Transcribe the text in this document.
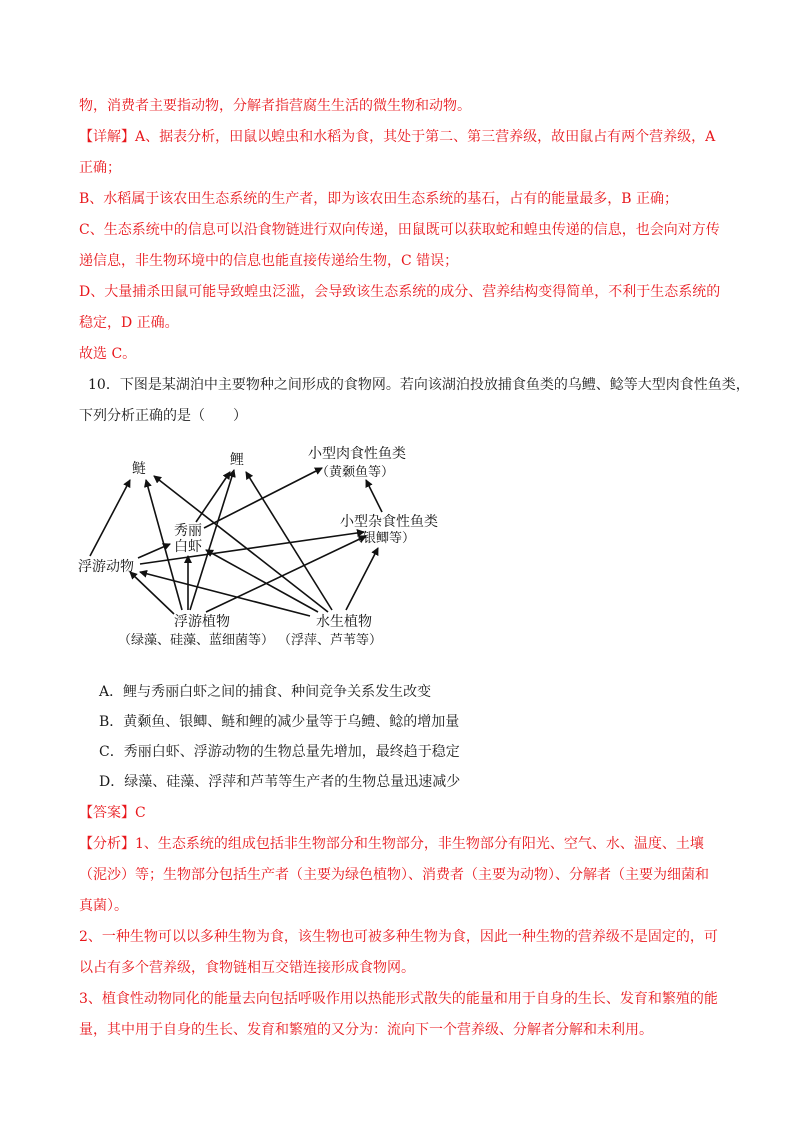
物，消费者主要指动物，分解者指营腐生生活的微生物和动物。
【详解】A、据表分析，田鼠以蝗虫和水稻为食，其处于第二、第三营养级，故田鼠占有两个营养级，A
正确；
B、水稻属于该农田生态系统的生产者，即为该农田生态系统的基石，占有的能量最多，B 正确；
C、生态系统中的信息可以沿食物链进行双向传递，田鼠既可以获取蛇和蝗虫传递的信息，也会向对方传
递信息，非生物环境中的信息也能直接传递给生物，C 错误；
D、大量捕杀田鼠可能导致蝗虫泛滥，会导致该生态系统的成分、营养结构变得简单，不利于生态系统的
稳定，D 正确。
故选 C。
10．下图是某湖泊中主要物种之间形成的食物网。若向该湖泊投放捕食鱼类的乌鳢、鲶等大型肉食性鱼类，
下列分析正确的是（　　）
鲢
鲤	小型肉食性鱼类
（黄颡鱼等）
秀丽
白虾
小型杂食性鱼类
（银鲫等）
浮游动物
浮游植物
（绿藻、硅藻、蓝细菌等）
水生植物
（浮萍、芦苇等）
A．鲤与秀丽白虾之间的捕食、种间竞争关系发生改变
B．黄颡鱼、银鲫、鲢和鲤的减少量等于乌鳢、鲶的增加量
C．秀丽白虾、浮游动物的生物总量先增加，最终趋于稳定
D．绿藻、硅藻、浮萍和芦苇等生产者的生物总量迅速减少
【答案】C
【分析】1、生态系统的组成包括非生物部分和生物部分，非生物部分有阳光、空气、水、温度、土壤
（泥沙）等；生物部分包括生产者（主要为绿色植物）、消费者（主要为动物）、分解者（主要为细菌和
真菌）。
2、一种生物可以以多种生物为食，该生物也可被多种生物为食，因此一种生物的营养级不是固定的，可
以占有多个营养级，食物链相互交错连接形成食物网。
3、植食性动物同化的能量去向包括呼吸作用以热能形式散失的能量和用于自身的生长、发育和繁殖的能
量，其中用于自身的生长、发育和繁殖的又分为：流向下一个营养级、分解者分解和未利用。
